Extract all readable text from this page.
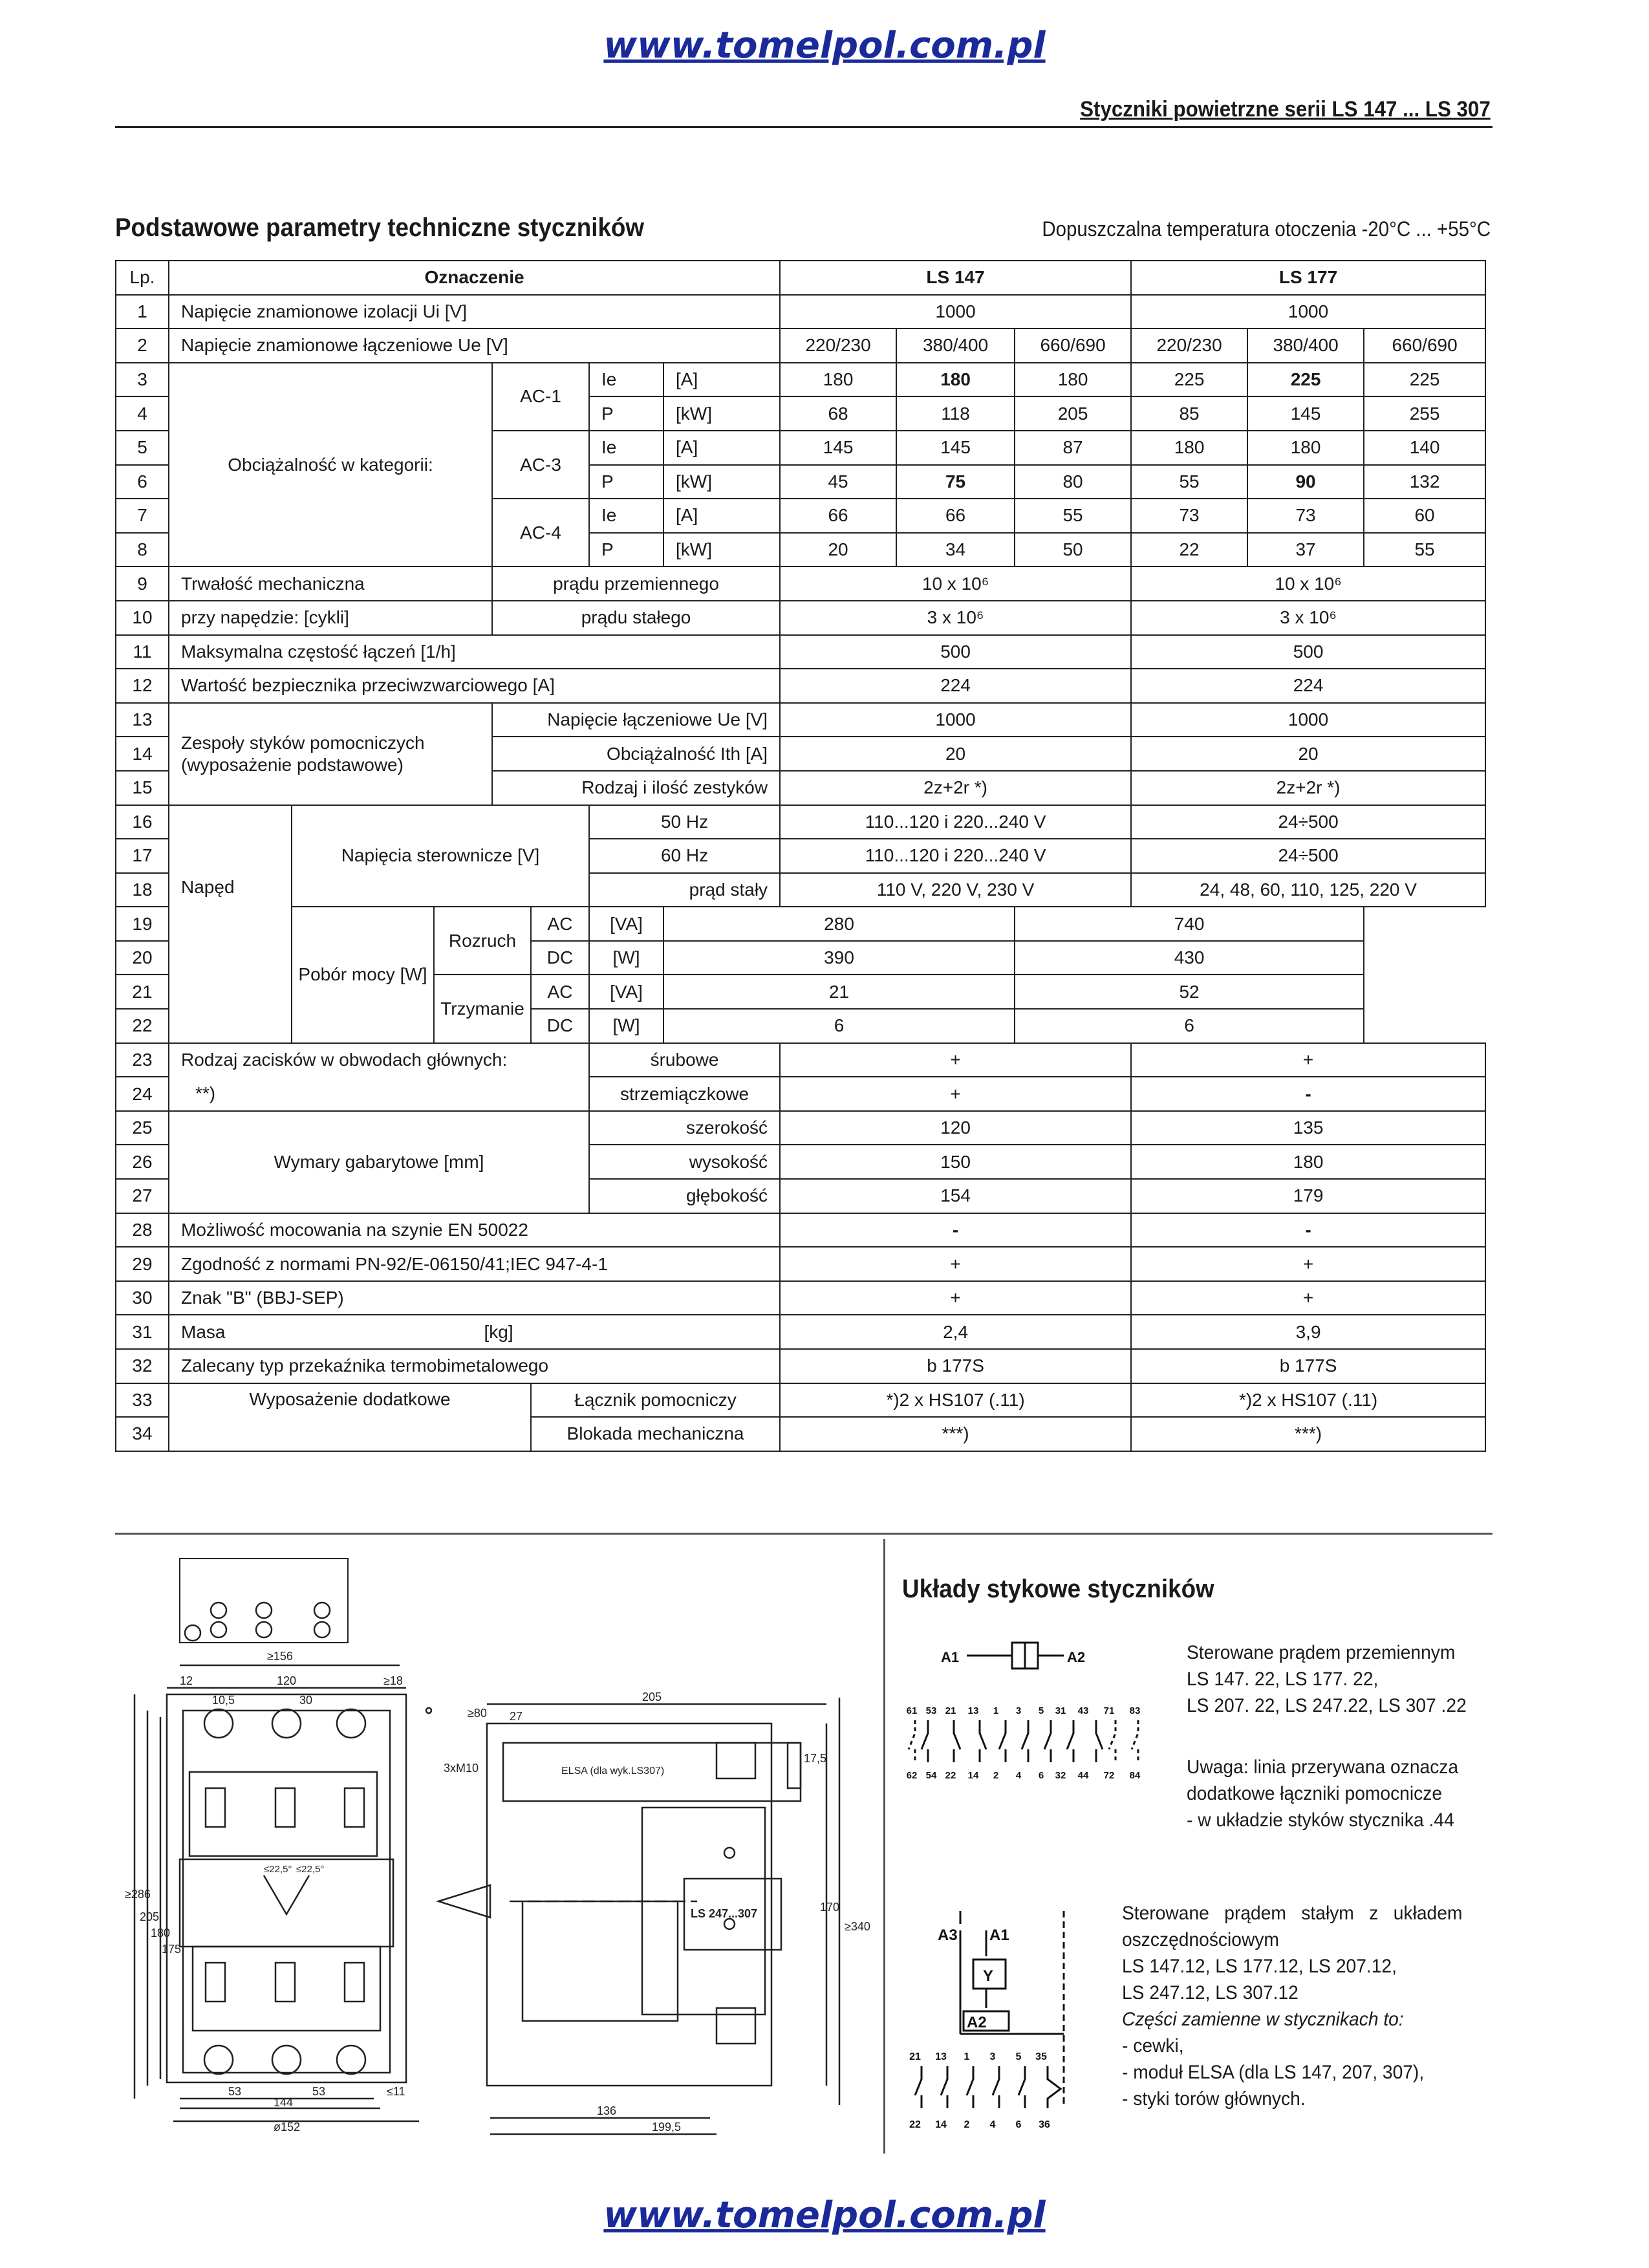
www.tomelpol.com.pl
Styczniki powietrzne serii LS 147 ... LS 307
Podstawowe parametry techniczne styczników	Dopuszczalna temperatura otoczenia -20°C ... +55°C
Lp.	Oznaczenie							LS 147			LS 177		
1	Napięcie znamionowe izolacji Ui [V]							1000			1000		
2	Napięcie znamionowe łączeniowe Ue [V]							220/230	380/400	660/690	220/230	380/400	660/690
3	Obciążalność w kategorii:			AC-1		Ie	[A]	180	180	180	225	225	225
4						P	[kW]	68	118	205	85	145	255
5				AC-3		Ie	[A]	145	145	87	180	180	140
6						P	[kW]	45	75	80	55	90	132
7				AC-4		Ie	[A]	66	66	55	73	73	60
8						P	[kW]	20	34	50	22	37	55
9	Trwałość mechaniczna			prądu przemiennego				10 x 10⁶			10 x 10⁶		
10	przy napędzie: [cykli]			prądu stałego				3 x 10⁶			3 x 10⁶		
11	Maksymalna częstość łączeń [1/h]							500			500		
12	Wartość bezpiecznika przeciwzwarciowego [A]							224			224		
13	Zespoły styków pomocniczych
(wyposażenie podstawowe)			Napięcie łączeniowe Ue [V]				1000			1000		
14				Obciążalność Ith [A]				20			20		
15				Rodzaj i ilość zestyków				2z+2r *)			2z+2r *)		
16	Napęd	Napięcia sterownicze [V]				50 Hz		110...120 i 220...240 V			24÷500		
17						60 Hz		110...120 i 220...240 V			24÷500		
18						prąd stały		110 V, 220 V, 230 V			24, 48, 60, 110, 125, 220 V		
19		Pobór mocy [W]	Rozruch		AC	[VA]	280			740			
20					DC	[W]	390			430			
21			Trzymanie		AC	[VA]	21			52			
22					DC	[W]	6			6			
23	Rodzaj zacisków w obwodach głównych:					śrubowe		+			+		
24	**)					strzemiączkowe		+			-		
25	Wymary gabarytowe [mm]					szerokość		120			135		
26						wysokość		150			180		
27						głębokość		154			179		
28	Możliwość mocowania na szynie EN 50022							-			-		
29	Zgodność z normami PN-92/E-06150/41;IEC 947-4-1							+			+		
30	Znak "B" (BBJ-SEP)							+			+		
31	Masa [kg]							2,4			3,9		
32	Zalecany typ przekaźnika termobimetalowego							b 177S			b 177S		
33	Wyposażenie dodatkowe				Łącznik pomocniczy			*)2 x HS107 (.11)			*)2 x HS107 (.11)		
34					Blokada mechaniczna			***)			***)		
≥156
120
12	≥18
10,5	30
≥80 27
205
3xM10	ELSA (dla wyk.LS307)
17,5
≥286
205
180
175
170
≥340
LS 247...307
≤22,5° ≤22,5°
53	53	≤11
144
ø152
136
199,5
Układy stykowe styczników
A1	A2
61 53 21 13 1 3 5 31 43 71 83
62 54 22 14 2 4 6 32 44 72 84
Sterowane prądem przemiennym
LS 147. 22, LS 177. 22,
LS 207. 22, LS 247.22, LS 307 .22
Uwaga: linia przerywana oznacza
dodatkowe łączniki pomocnicze
- w układzie styków stycznika .44
A3 A1
Y
A2
21 13 1 3 5 35
22 14 2 4 6 36
Sterowane prądem stałym z układem
oszczędnościowym
LS 147.12, LS 177.12, LS 207.12,
LS 247.12, LS 307.12
Części zamienne w stycznikach to:
- cewki,
- moduł ELSA (dla LS 147, 207, 307),
- styki torów głównych.
www.tomelpol.com.pl
